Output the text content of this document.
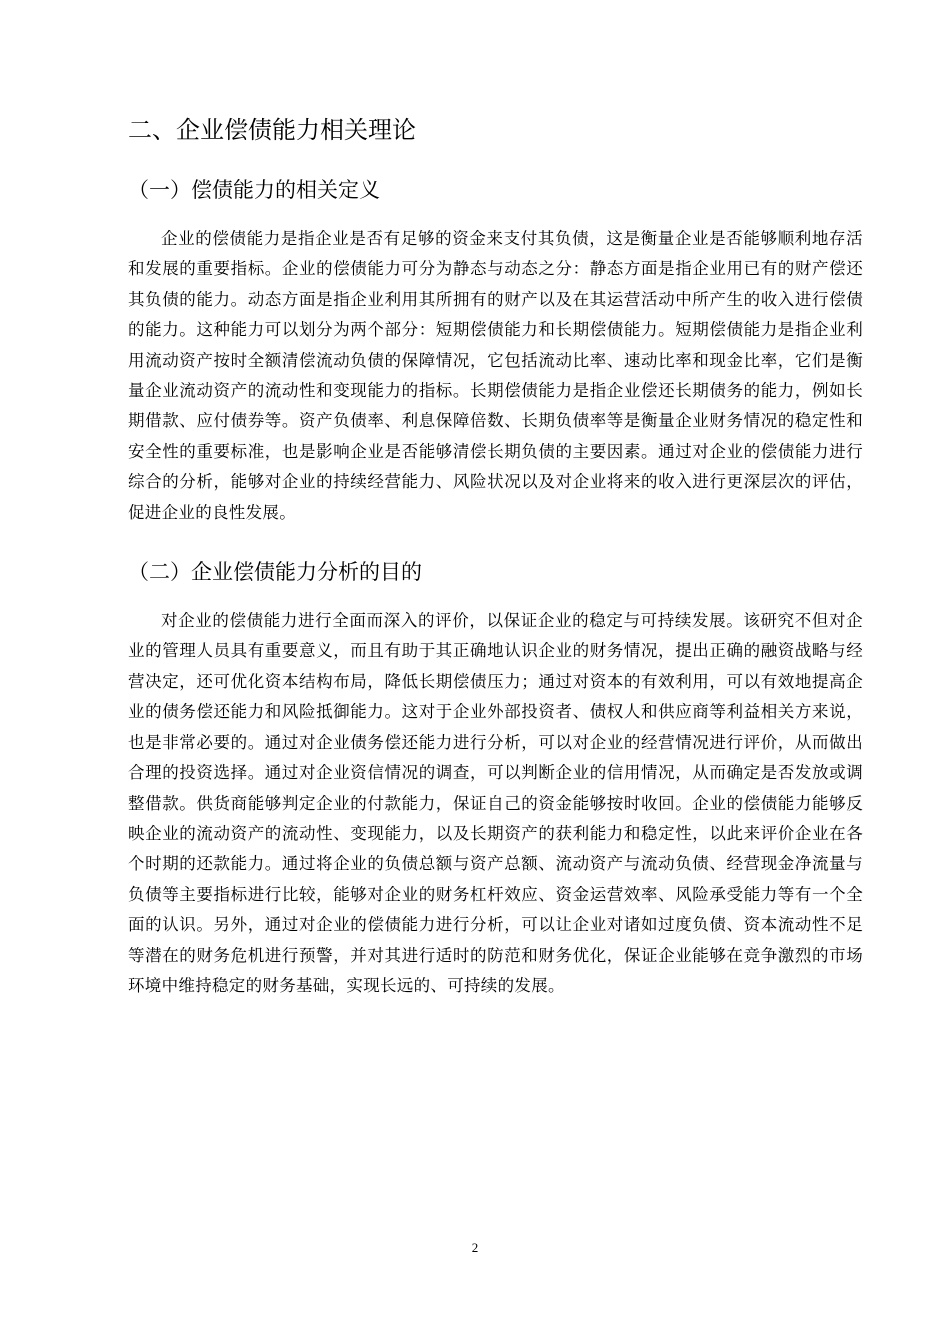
二、企业偿债能力相关理论
（一）偿债能力的相关定义

企业的偿债能力是指企业是否有足够的资金来支付其负债，这是衡量企业是否能够顺利地存活和发展的重要指标。企业的偿债能力可分为静态与动态之分：静态方面是指企业用已有的财产偿还其负债的能力。动态方面是指企业利用其所拥有的财产以及在其运营活动中所产生的收入进行偿债的能力。这种能力可以划分为两个部分：短期偿债能力和长期偿债能力。短期偿债能力是指企业利用流动资产按时全额清偿流动负债的保障情况，它包括流动比率、速动比率和现金比率，它们是衡量企业流动资产的流动性和变现能力的指标。长期偿债能力是指企业偿还长期债务的能力，例如长期借款、应付债券等。资产负债率、利息保障倍数、长期负债率等是衡量企业财务情况的稳定性和安全性的重要标准，也是影响企业是否能够清偿长期负债的主要因素。通过对企业的偿债能力进行综合的分析，能够对企业的持续经营能力、风险状况以及对企业将来的收入进行更深层次的评估，促进企业的良性发展。

（二）企业偿债能力分析的目的

对企业的偿债能力进行全面而深入的评价，以保证企业的稳定与可持续发展。该研究不但对企业的管理人员具有重要意义，而且有助于其正确地认识企业的财务情况，提出正确的融资战略与经营决定，还可优化资本结构布局，降低长期偿债压力；通过对资本的有效利用，可以有效地提高企业的债务偿还能力和风险抵御能力。这对于企业外部投资者、债权人和供应商等利益相关方来说，也是非常必要的。通过对企业债务偿还能力进行分析，可以对企业的经营情况进行评价，从而做出合理的投资选择。通过对企业资信情况的调查，可以判断企业的信用情况，从而确定是否发放或调整借款。供货商能够判定企业的付款能力，保证自己的资金能够按时收回。企业的偿债能力能够反映企业的流动资产的流动性、变现能力，以及长期资产的获利能力和稳定性，以此来评价企业在各个时期的还款能力。通过将企业的负债总额与资产总额、流动资产与流动负债、经营现金净流量与负债等主要指标进行比较，能够对企业的财务杠杆效应、资金运营效率、风险承受能力等有一个全面的认识。另外，通过对企业的偿债能力进行分析，可以让企业对诸如过度负债、资本流动性不足等潜在的财务危机进行预警，并对其进行适时的防范和财务优化，保证企业能够在竞争激烈的市场环境中维持稳定的财务基础，实现长远的、可持续的发展。

2
